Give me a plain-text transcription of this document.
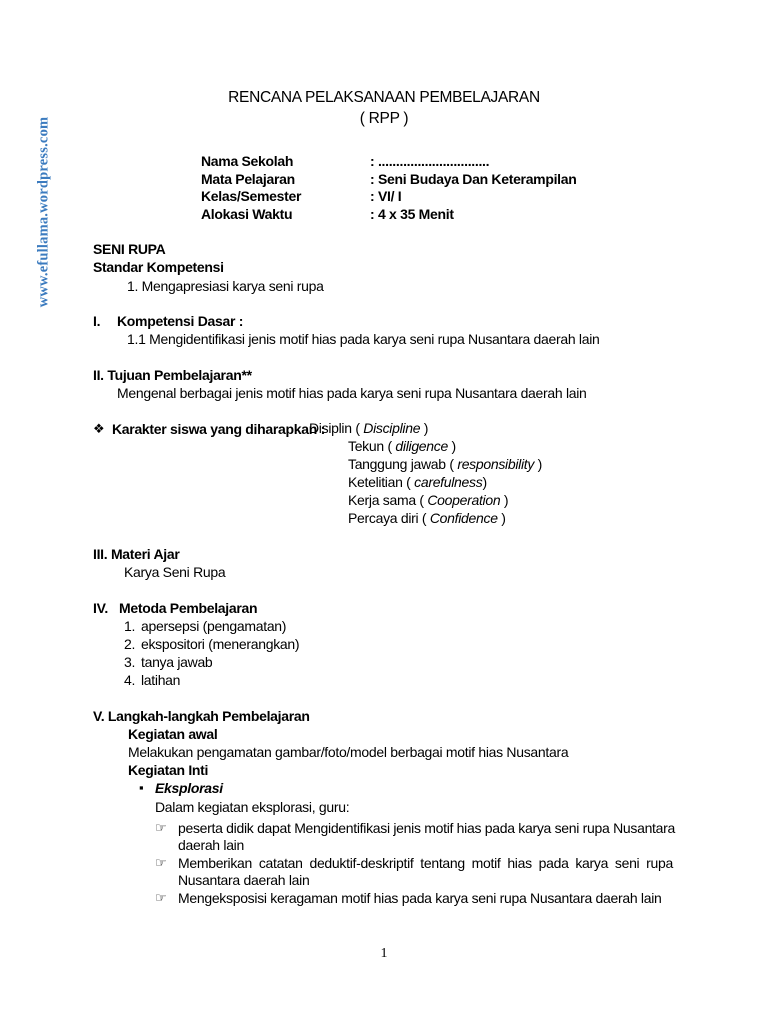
www.efullama.wordpress.com
RENCANA PELAKSANAAN PEMBELAJARAN
( RPP )
Nama Sekolah	: ...............................
Mata Pelajaran	: Seni Budaya Dan Keterampilan
Kelas/Semester	: VI/ I
Alokasi Waktu	: 4 x 35 Menit
SENI RUPA
Standar Kompetensi
1. Mengapresiasi karya seni rupa
I. Kompetensi Dasar :
1.1 Mengidentifikasi jenis motif hias pada karya seni rupa Nusantara daerah lain
II. Tujuan Pembelajaran**
Mengenal berbagai jenis motif hias pada karya seni rupa Nusantara daerah lain
❖ Karakter siswa yang diharapkan :
Disiplin ( Discipline )
Tekun ( diligence )
Tanggung jawab ( responsibility )
Ketelitian ( carefulness)
Kerja sama ( Cooperation )
Percaya diri ( Confidence )
III. Materi Ajar
Karya Seni Rupa
IV. Metoda Pembelajaran
1. apersepsi (pengamatan)
2. ekspositori (menerangkan)
3. tanya jawab
4. latihan
V. Langkah-langkah Pembelajaran
Kegiatan awal
Melakukan pengamatan gambar/foto/model berbagai motif hias Nusantara
Kegiatan Inti
▪ Eksplorasi
Dalam kegiatan eksplorasi, guru:
☞ peserta didik dapat Mengidentifikasi jenis motif hias pada karya seni rupa Nusantara
daerah lain
☞ Memberikan catatan deduktif-deskriptif tentang motif hias pada karya seni rupa
Nusantara daerah lain
☞ Mengeksposisi keragaman motif hias pada karya seni rupa Nusantara daerah lain
1
